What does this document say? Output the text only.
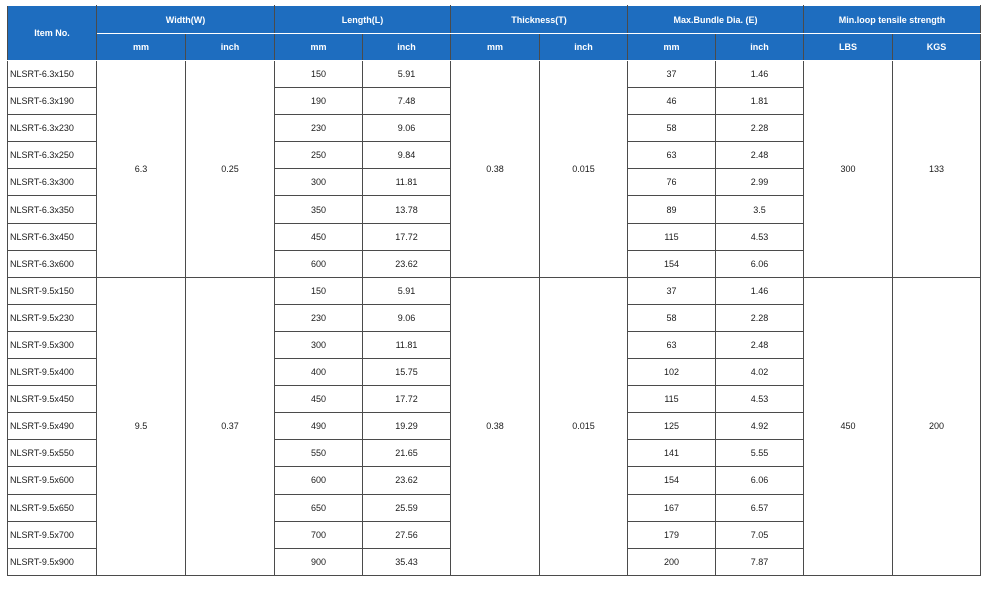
Item No.	Width(W)		Length(L)		Thickness(T)		Max.Bundle Dia. (E)		Min.loop tensile strength	
	mm	inch	mm	inch	mm	inch	mm	inch	LBS	KGS
NLSRT-6.3x150	6.3	0.25	150	5.91	0.38	0.015	37	1.46	300	133
NLSRT-6.3x190			190	7.48			46	1.81		
NLSRT-6.3x230			230	9.06			58	2.28		
NLSRT-6.3x250			250	9.84			63	2.48		
NLSRT-6.3x300			300	11.81			76	2.99		
NLSRT-6.3x350			350	13.78			89	3.5		
NLSRT-6.3x450			450	17.72			115	4.53		
NLSRT-6.3x600			600	23.62			154	6.06		
NLSRT-9.5x150	9.5	0.37	150	5.91	0.38	0.015	37	1.46	450	200
NLSRT-9.5x230			230	9.06			58	2.28		
NLSRT-9.5x300			300	11.81			63	2.48		
NLSRT-9.5x400			400	15.75			102	4.02		
NLSRT-9.5x450			450	17.72			115	4.53		
NLSRT-9.5x490			490	19.29			125	4.92		
NLSRT-9.5x550			550	21.65			141	5.55		
NLSRT-9.5x600			600	23.62			154	6.06		
NLSRT-9.5x650			650	25.59			167	6.57		
NLSRT-9.5x700			700	27.56			179	7.05		
NLSRT-9.5x900			900	35.43			200	7.87		
